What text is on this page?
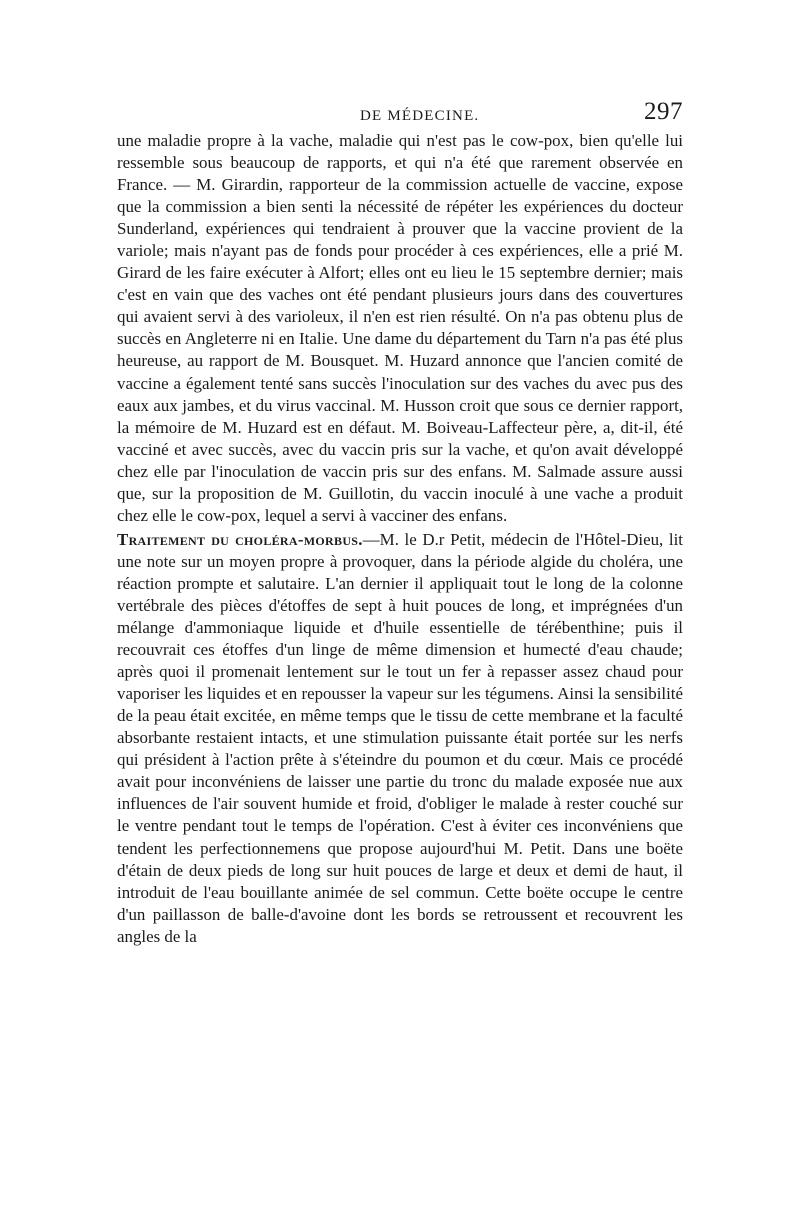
DE MÉDECINE.	297

une maladie propre à la vache, maladie qui n'est pas le cow-pox, bien qu'elle lui ressemble sous beaucoup de rapports, et qui n'a été que rarement observée en France. — M. Girardin, rapporteur de la commission actuelle de vaccine, expose que la commission a bien senti la nécessité de répéter les expériences du docteur Sunderland, expériences qui tendraient à prouver que la vaccine provient de la variole; mais n'ayant pas de fonds pour procéder à ces expériences, elle a prié M. Girard de les faire exécuter à Alfort; elles ont eu lieu le 15 septembre dernier; mais c'est en vain que des vaches ont été pendant plusieurs jours dans des couvertures qui avaient servi à des varioleux, il n'en est rien résulté. On n'a pas obtenu plus de succès en Angleterre ni en Italie. Une dame du département du Tarn n'a pas été plus heureuse, au rapport de M. Bousquet. M. Huzard annonce que l'ancien comité de vaccine a également tenté sans succès l'inoculation sur des vaches du avec pus des eaux aux jambes, et du virus vaccinal. M. Husson croit que sous ce dernier rapport, la mémoire de M. Huzard est en défaut. M. Boiveau-Laffecteur père, a, dit-il, été vacciné et avec succès, avec du vaccin pris sur la vache, et qu'on avait développé chez elle par l'inoculation de vaccin pris sur des enfans. M. Salmade assure aussi que, sur la proposition de M. Guillotin, du vaccin inoculé à une vache a produit chez elle le cow-pox, lequel a servi à vacciner des enfans.

Traitement du choléra-morbus.—M. le D.r Petit, médecin de l'Hôtel-Dieu, lit une note sur un moyen propre à provoquer, dans la période algide du choléra, une réaction prompte et salutaire. L'an dernier il appliquait tout le long de la colonne vertébrale des pièces d'étoffes de sept à huit pouces de long, et imprégnées d'un mélange d'ammoniaque liquide et d'huile essentielle de térébenthine; puis il recouvrait ces étoffes d'un linge de même dimension et humecté d'eau chaude; après quoi il promenait lentement sur le tout un fer à repasser assez chaud pour vaporiser les liquides et en repousser la vapeur sur les tégumens. Ainsi la sensibilité de la peau était excitée, en même temps que le tissu de cette membrane et la faculté absorbante restaient intacts, et une stimulation puissante était portée sur les nerfs qui président à l'action prête à s'éteindre du poumon et du cœur. Mais ce procédé avait pour inconvéniens de laisser une partie du tronc du malade exposée nue aux influences de l'air souvent humide et froid, d'obliger le malade à rester couché sur le ventre pendant tout le temps de l'opération. C'est à éviter ces inconvéniens que tendent les perfectionnemens que propose aujourd'hui M. Petit. Dans une boëte d'étain de deux pieds de long sur huit pouces de large et deux et demi de haut, il introduit de l'eau bouillante animée de sel commun. Cette boëte occupe le centre d'un paillasson de balle-d'avoine dont les bords se retroussent et recouvrent les angles de la
